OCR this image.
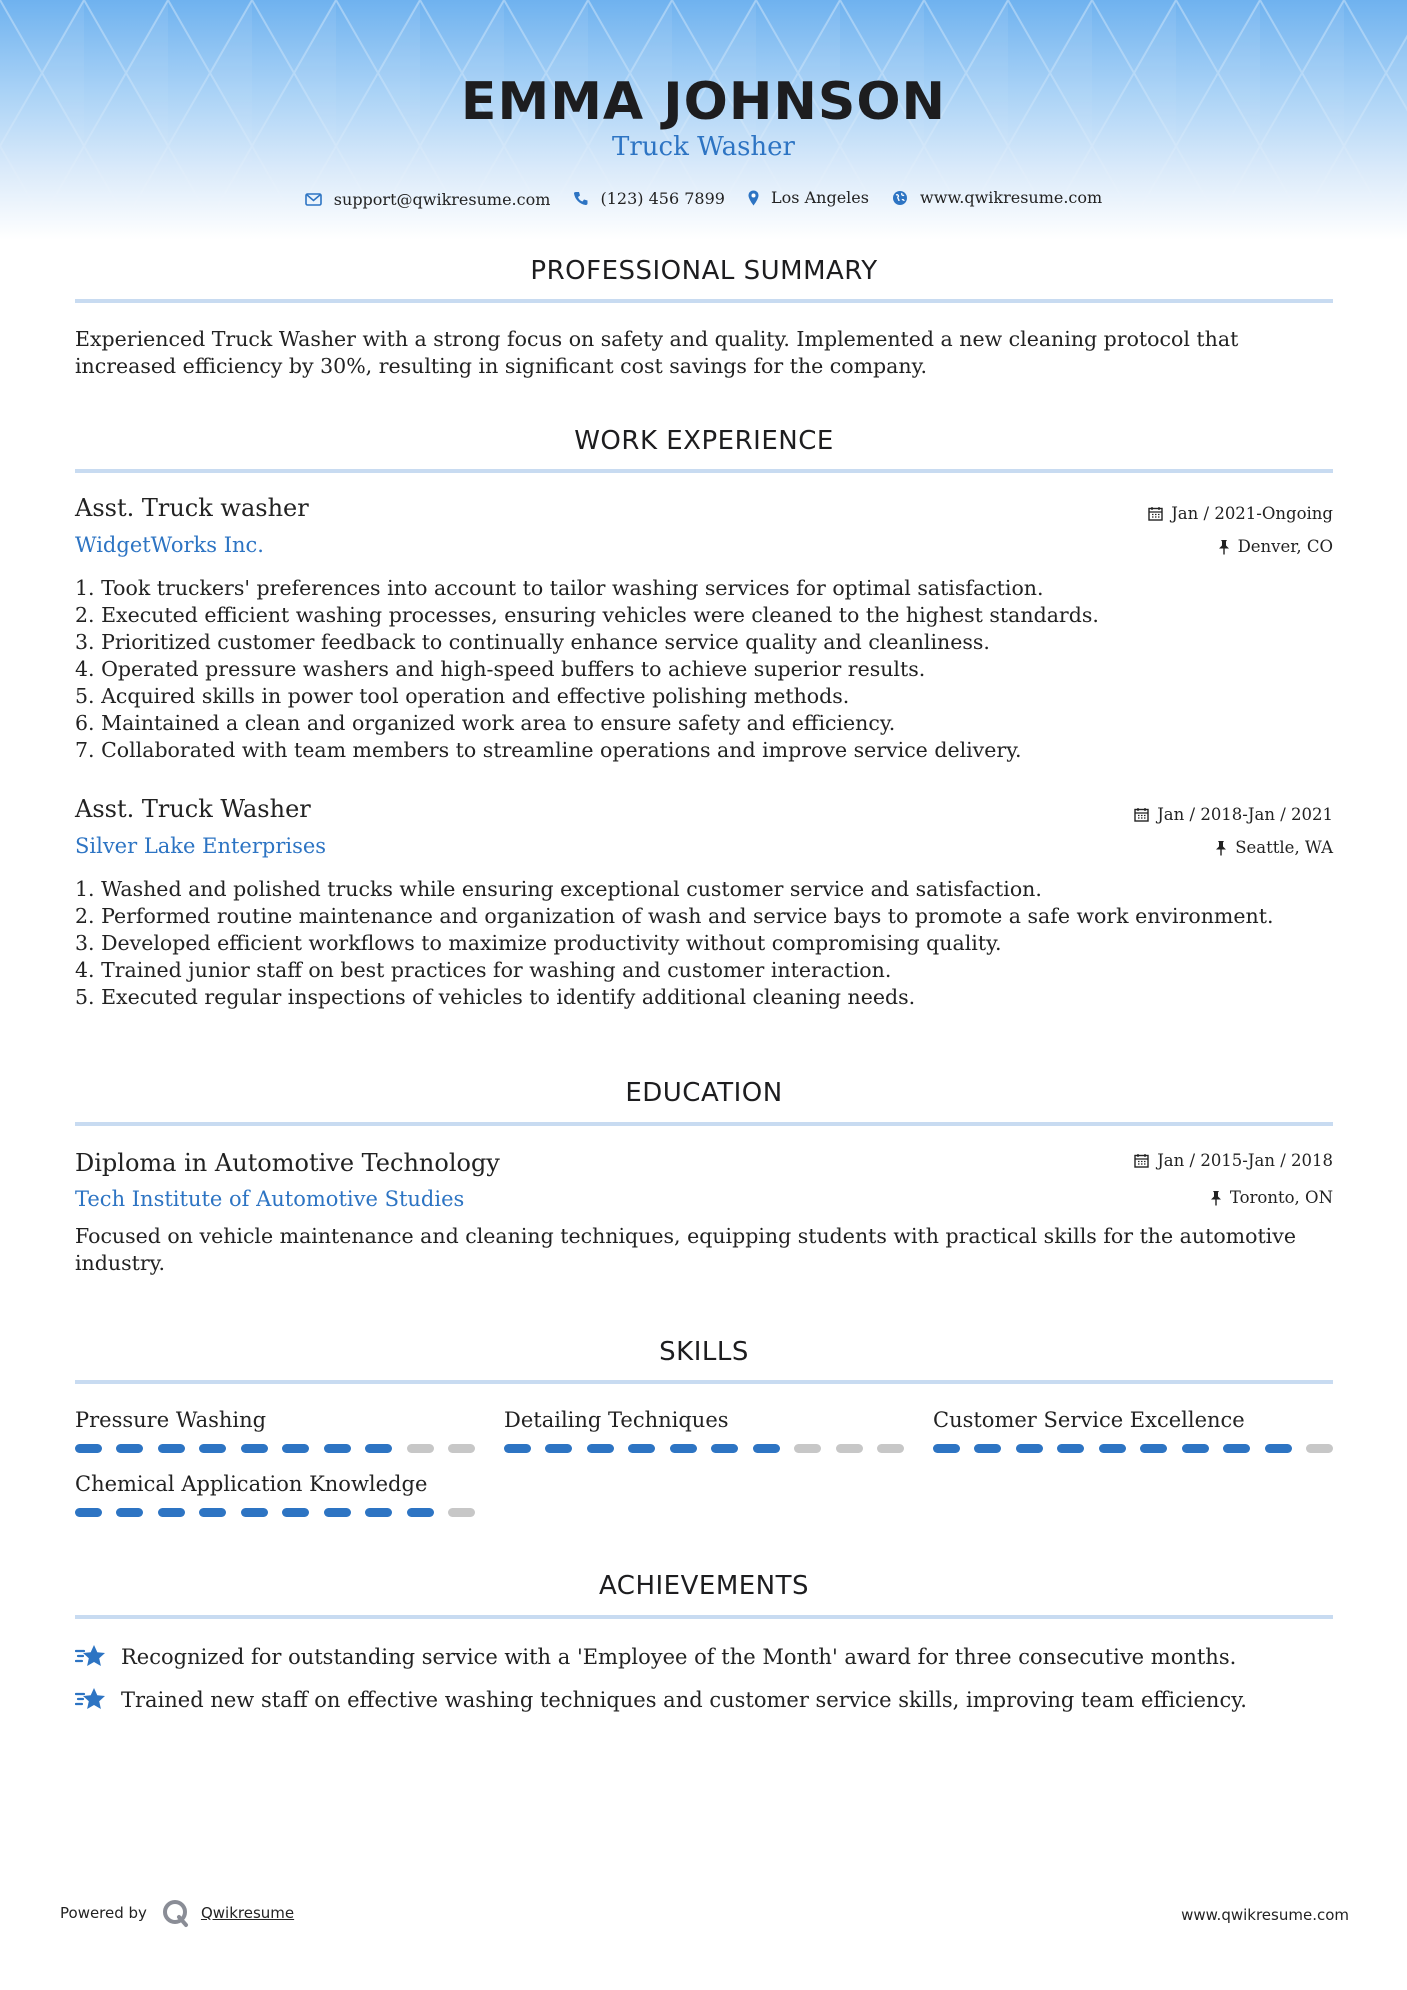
EMMA JOHNSON
Truck Washer
support@qwikresume.com
	(123) 456 7899
	Los Angeles
	www.qwikresume.com
PROFESSIONAL SUMMARY
Experienced Truck Washer with a strong focus on safety and quality. Implemented a new cleaning protocol that increased efficiency by 30%, resulting in significant cost savings for the company.
WORK EXPERIENCE
Asst. Truck washer	Jan / 2021-Ongoing
WidgetWorks Inc.	Denver, CO
1. Took truckers' preferences into account to tailor washing services for optimal satisfaction.
2. Executed efficient washing processes, ensuring vehicles were cleaned to the highest standards.
3. Prioritized customer feedback to continually enhance service quality and cleanliness.
4. Operated pressure washers and high-speed buffers to achieve superior results.
5. Acquired skills in power tool operation and effective polishing methods.
6. Maintained a clean and organized work area to ensure safety and efficiency.
7. Collaborated with team members to streamline operations and improve service delivery.
Asst. Truck Washer	Jan / 2018-Jan / 2021
Silver Lake Enterprises	Seattle, WA
1. Washed and polished trucks while ensuring exceptional customer service and satisfaction.
2. Performed routine maintenance and organization of wash and service bays to promote a safe work environment.
3. Developed efficient workflows to maximize productivity without compromising quality.
4. Trained junior staff on best practices for washing and customer interaction.
5. Executed regular inspections of vehicles to identify additional cleaning needs.
EDUCATION
Diploma in Automotive Technology	Jan / 2015-Jan / 2018
Tech Institute of Automotive Studies	Toronto, ON
Focused on vehicle maintenance and cleaning techniques, equipping students with practical skills for the automotive industry.
SKILLS
Pressure Washing	Detailing Techniques	Customer Service Excellence
Chemical Application Knowledge
ACHIEVEMENTS
Recognized for outstanding service with a 'Employee of the Month' award for three consecutive months.
Trained new staff on effective washing techniques and customer service skills, improving team efficiency.
Powered by	Qwikresume	www.qwikresume.com
